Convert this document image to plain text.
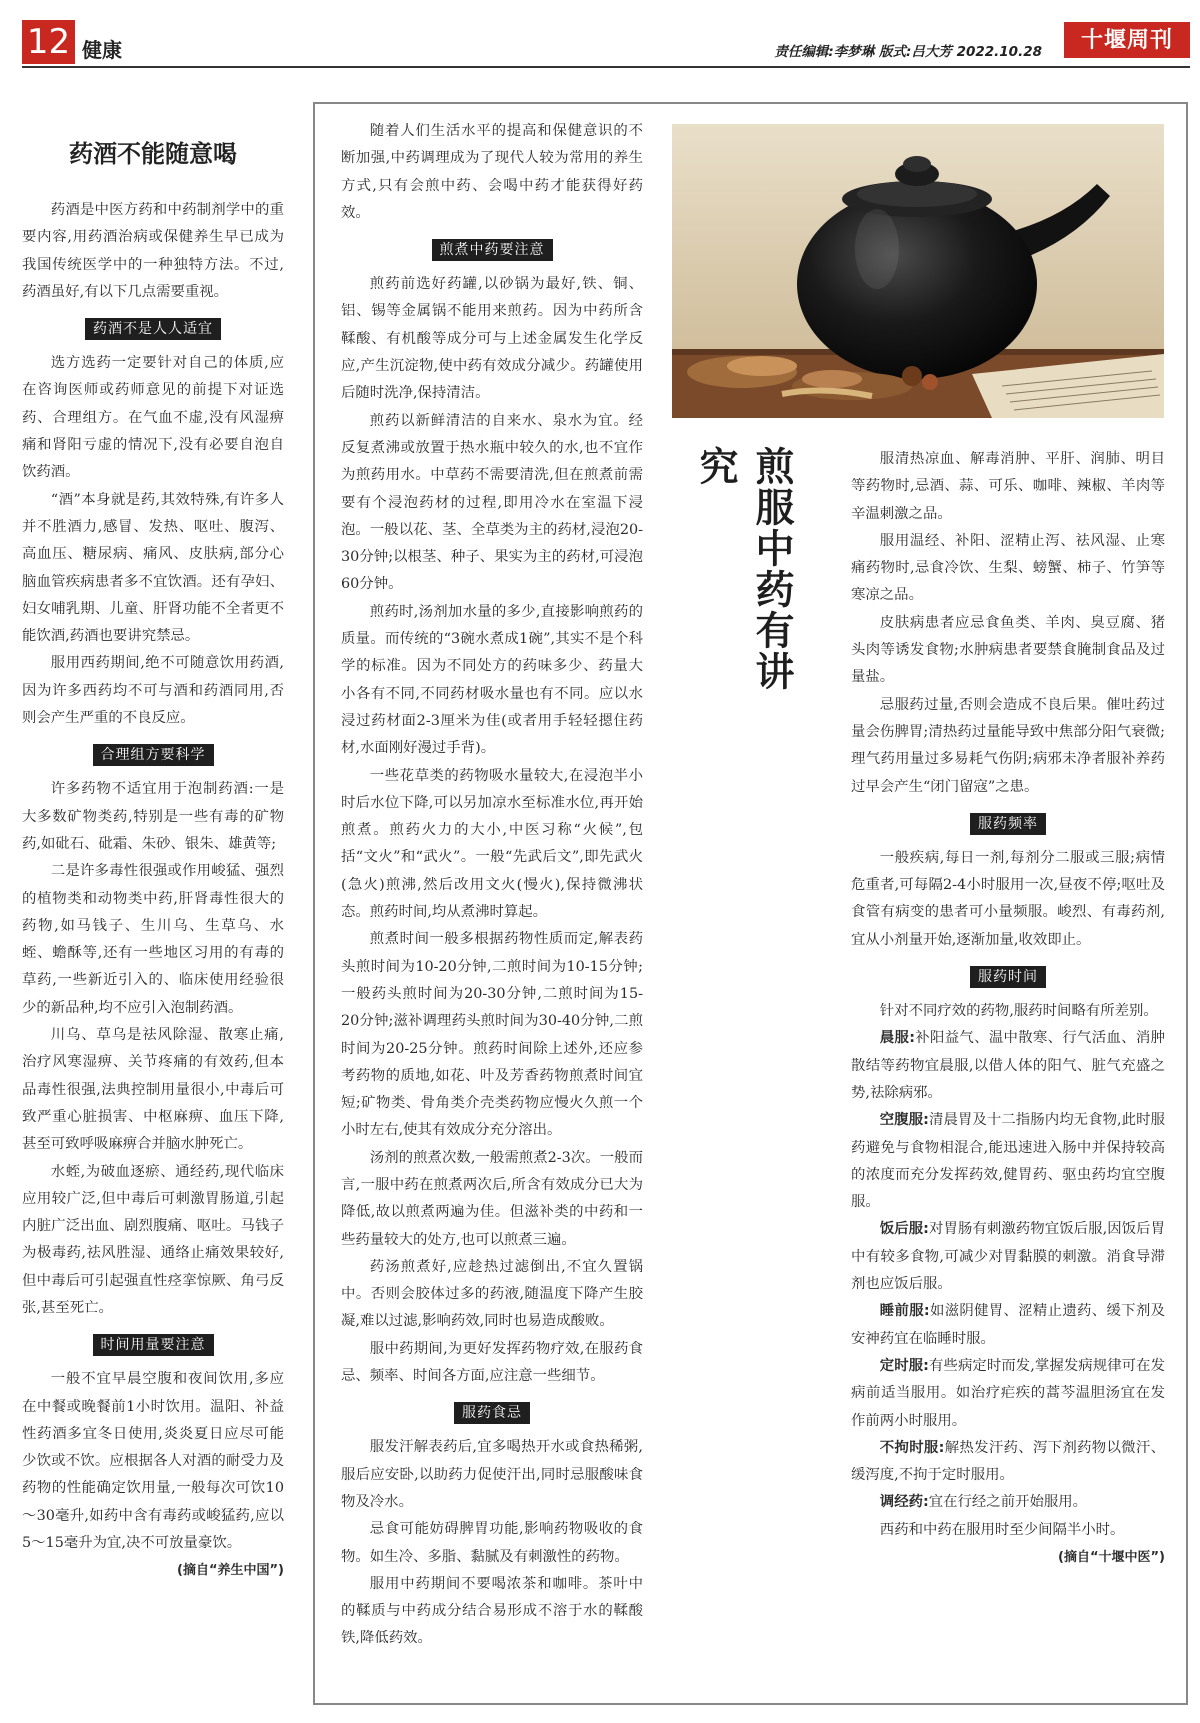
12 健康	责任编辑:李梦琳 版式:吕大芳 2022.10.28	十堰周刊
药酒不能随意喝

药酒是中医方药和中药制剂学中的重要内容,用药酒治病或保健养生早已成为我国传统医学中的一种独特方法。不过,药酒虽好,有以下几点需要重视。

药酒不是人人适宜

选方选药一定要针对自己的体质,应在咨询医师或药师意见的前提下对证选药、合理组方。在气血不虚,没有风湿痹痛和肾阳亏虚的情况下,没有必要自泡自饮药酒。

“酒”本身就是药,其效特殊,有许多人并不胜酒力,感冒、发热、呕吐、腹泻、高血压、糖尿病、痛风、皮肤病,部分心脑血管疾病患者多不宜饮酒。还有孕妇、妇女哺乳期、儿童、肝肾功能不全者更不能饮酒,药酒也要讲究禁忌。

服用西药期间,绝不可随意饮用药酒,因为许多西药均不可与酒和药酒同用,否则会产生严重的不良反应。

合理组方要科学

许多药物不适宜用于泡制药酒:一是大多数矿物类药,特别是一些有毒的矿物药,如砒石、砒霜、朱砂、银朱、雄黄等;

二是许多毒性很强或作用峻猛、强烈的植物类和动物类中药,肝肾毒性很大的药物,如马钱子、生川乌、生草乌、水蛭、蟾酥等,还有一些地区习用的有毒的草药,一些新近引入的、临床使用经验很少的新品种,均不应引入泡制药酒。

川乌、草乌是祛风除湿、散寒止痛,治疗风寒湿痹、关节疼痛的有效药,但本品毒性很强,法典控制用量很小,中毒后可致严重心脏损害、中枢麻痹、血压下降,甚至可致呼吸麻痹合并脑水肿死亡。

水蛭,为破血逐瘀、通经药,现代临床应用较广泛,但中毒后可刺激胃肠道,引起内脏广泛出血、剧烈腹痛、呕吐。马钱子为极毒药,祛风胜湿、通络止痛效果较好,但中毒后可引起强直性痉挛惊厥、角弓反张,甚至死亡。

时间用量要注意

一般不宜早晨空腹和夜间饮用,多应在中餐或晚餐前1小时饮用。温阳、补益性药酒多宜冬日使用,炎炎夏日应尽可能少饮或不饮。应根据各人对酒的耐受力及药物的性能确定饮用量,一般每次可饮10～30毫升,如药中含有毒药或峻猛药,应以5～15毫升为宜,决不可放量豪饮。

(摘自“养生中国”)

随着人们生活水平的提高和保健意识的不断加强,中药调理成为了现代人较为常用的养生方式,只有会煎中药、会喝中药才能获得好药效。

煎煮中药要注意

煎药前选好药罐,以砂锅为最好,铁、铜、铝、锡等金属锅不能用来煎药。因为中药所含鞣酸、有机酸等成分可与上述金属发生化学反应,产生沉淀物,使中药有效成分减少。药罐使用后随时洗净,保持清洁。

煎药以新鲜清洁的自来水、泉水为宜。经反复煮沸或放置于热水瓶中较久的水,也不宜作为煎药用水。中草药不需要清洗,但在煎煮前需要有个浸泡药材的过程,即用冷水在室温下浸泡。一般以花、茎、全草类为主的药材,浸泡20-30分钟;以根茎、种子、果实为主的药材,可浸泡60分钟。

煎药时,汤剂加水量的多少,直接影响煎药的质量。而传统的“3碗水煮成1碗”,其实不是个科学的标准。因为不同处方的药味多少、药量大小各有不同,不同药材吸水量也有不同。应以水浸过药材面2-3厘米为佳(或者用手轻轻摁住药材,水面刚好漫过手背)。

一些花草类的药物吸水量较大,在浸泡半小时后水位下降,可以另加凉水至标准水位,再开始煎煮。煎药火力的大小,中医习称“火候”,包括“文火”和“武火”。一般“先武后文”,即先武火(急火)煎沸,然后改用文火(慢火),保持微沸状态。煎药时间,均从煮沸时算起。

煎煮时间一般多根据药物性质而定,解表药头煎时间为10-20分钟,二煎时间为10-15分钟;一般药头煎时间为20-30分钟,二煎时间为15-20分钟;滋补调理药头煎时间为30-40分钟,二煎时间为20-25分钟。煎药时间除上述外,还应参考药物的质地,如花、叶及芳香药物煎煮时间宜短;矿物类、骨角类介壳类药物应慢火久煎一个小时左右,使其有效成分充分溶出。

汤剂的煎煮次数,一般需煎煮2-3次。一般而言,一服中药在煎煮两次后,所含有效成分已大为降低,故以煎煮两遍为佳。但滋补类的中药和一些药量较大的处方,也可以煎煮三遍。

药汤煎煮好,应趁热过滤倒出,不宜久置锅中。否则会胶体过多的药液,随温度下降产生胶凝,难以过滤,影响药效,同时也易造成酸败。

服中药期间,为更好发挥药物疗效,在服药食忌、频率、时间各方面,应注意一些细节。

服药食忌

服发汗解表药后,宜多喝热开水或食热稀粥,服后应安卧,以助药力促使汗出,同时忌服酸味食物及冷水。

忌食可能妨碍脾胃功能,影响药物吸收的食物。如生冷、多脂、黏腻及有刺激性的药物。

服用中药期间不要喝浓茶和咖啡。茶叶中的鞣质与中药成分结合易形成不溶于水的鞣酸铁,降低药效。

煎服中药有讲究	服清热凉血、解毒消肿、平肝、润肺、明目等药物时,忌酒、蒜、可乐、咖啡、辣椒、羊肉等辛温刺激之品。

服用温经、补阳、涩精止泻、祛风湿、止寒痛药物时,忌食冷饮、生梨、螃蟹、柿子、竹笋等寒凉之品。

皮肤病患者应忌食鱼类、羊肉、臭豆腐、猪头肉等诱发食物;水肿病患者要禁食腌制食品及过量盐。

忌服药过量,否则会造成不良后果。催吐药过量会伤脾胃;清热药过量能导致中焦部分阳气衰微;理气药用量过多易耗气伤阴;病邪未净者服补养药过早会产生“闭门留寇”之患。

服药频率

一般疾病,每日一剂,每剂分二服或三服;病情危重者,可每隔2-4小时服用一次,昼夜不停;呕吐及食管有病变的患者可小量频服。峻烈、有毒药剂,宜从小剂量开始,逐渐加量,收效即止。

服药时间

针对不同疗效的药物,服药时间略有所差别。

晨服:补阳益气、温中散寒、行气活血、消肿散结等药物宜晨服,以借人体的阳气、脏气充盛之势,祛除病邪。

空腹服:清晨胃及十二指肠内均无食物,此时服药避免与食物相混合,能迅速进入肠中并保持较高的浓度而充分发挥药效,健胃药、驱虫药均宜空腹服。

饭后服:对胃肠有刺激药物宜饭后服,因饭后胃中有较多食物,可减少对胃黏膜的刺激。消食导滞剂也应饭后服。

睡前服:如滋阴健胃、涩精止遗药、缓下剂及安神药宜在临睡时服。

定时服:有些病定时而发,掌握发病规律可在发病前适当服用。如治疗疟疾的蒿芩温胆汤宜在发作前两小时服用。

不拘时服:解热发汗药、泻下剂药物以微汗、缓泻度,不拘于定时服用。

调经药:宜在行经之前开始服用。

西药和中药在服用时至少间隔半小时。

(摘自“十堰中医”)
